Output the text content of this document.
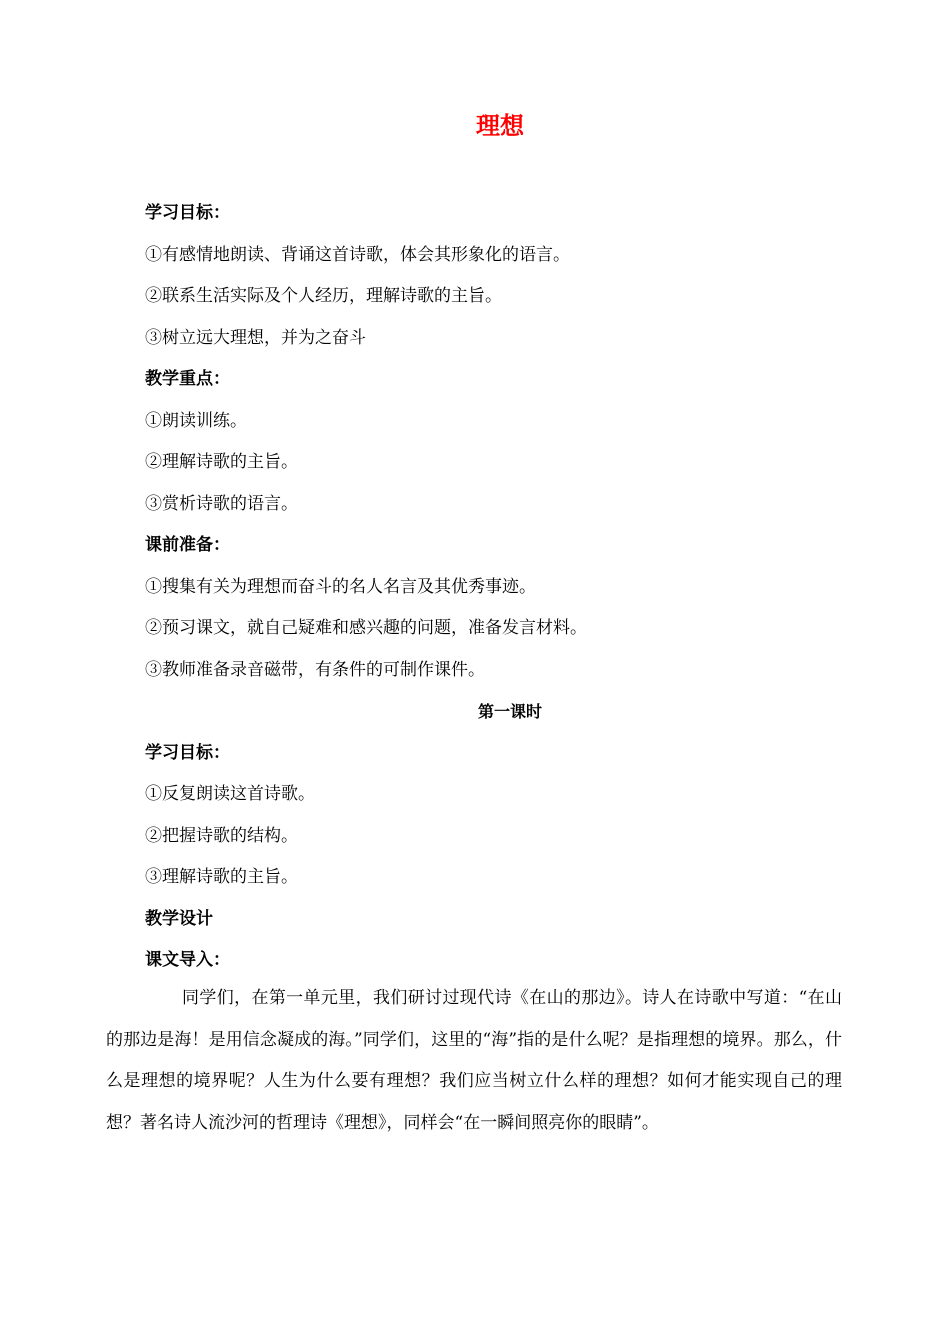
理想
学习目标：
①有感情地朗读、背诵这首诗歌，体会其形象化的语言。
②联系生活实际及个人经历，理解诗歌的主旨。
③树立远大理想，并为之奋斗
教学重点：
①朗读训练。
②理解诗歌的主旨。
③赏析诗歌的语言。
课前准备：
①搜集有关为理想而奋斗的名人名言及其优秀事迹。
②预习课文，就自己疑难和感兴趣的问题，准备发言材料。
③教师准备录音磁带，有条件的可制作课件。
第一课时
学习目标：
①反复朗读这首诗歌。
②把握诗歌的结构。
③理解诗歌的主旨。
教学设计
课文导入：

同学们，在第一单元里，我们研讨过现代诗《在山的那边》。诗人在诗歌中写道：“在山的那边是海！是用信念凝成的海。”同学们，这里的“海”指的是什么呢？是指理想的境界。那么，什么是理想的境界呢？人生为什么要有理想？我们应当树立什么样的理想？如何才能实现自己的理想？著名诗人流沙河的哲理诗《理想》，同样会“在一瞬间照亮你的眼睛”。
